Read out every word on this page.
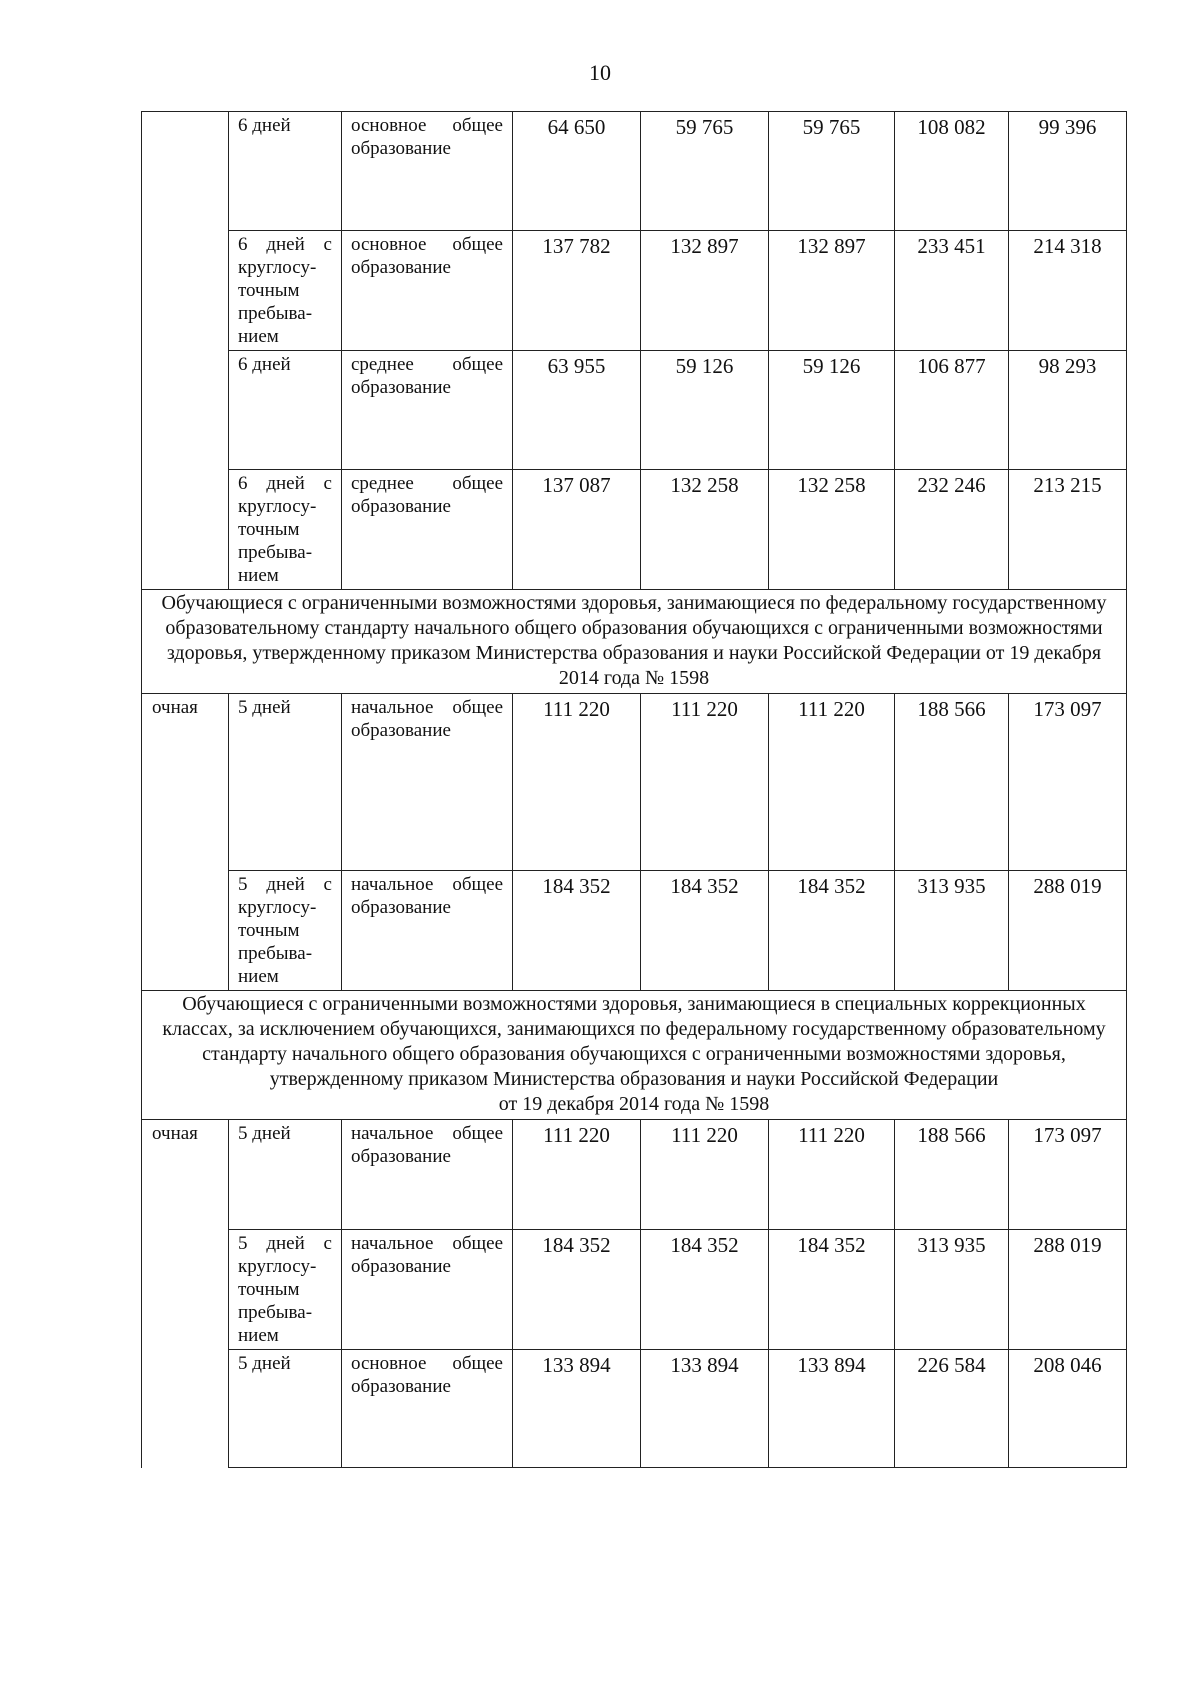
10
	6 дней	основное общее образование	64 650	59 765	59 765	108 082	99 396
	6 дней с круглосу-точным пребыва-нием	основное общее образование	137 782	132 897	132 897	233 451	214 318
	6 дней	среднее общее образование	63 955	59 126	59 126	106 877	98 293
	6 дней с круглосу-точным пребыва-нием	среднее общее образование	137 087	132 258	132 258	232 246	213 215
Обучающиеся с ограниченными возможностями здоровья, занимающиеся по федеральному государственному образовательному стандарту начального общего образования обучающихся с ограниченными возможностями здоровья, утвержденному приказом Министерства образования и науки Российской Федерации от 19 декабря 2014 года № 1598							
очная	5 дней	начальное общее образование	111 220	111 220	111 220	188 566	173 097
	5 дней с круглосу-точным пребыва-нием	начальное общее образование	184 352	184 352	184 352	313 935	288 019
Обучающиеся с ограниченными возможностями здоровья, занимающиеся в специальных коррекционных классах, за исключением обучающихся, занимающихся по федеральному государственному образовательному стандарту начального общего образования обучающихся с ограниченными возможностями здоровья, утвержденному приказом Министерства образования и науки Российской Федерации
от 19 декабря 2014 года № 1598							
очная	5 дней	начальное общее образование	111 220	111 220	111 220	188 566	173 097
	5 дней с круглосу-точным пребыва-нием	начальное общее образование	184 352	184 352	184 352	313 935	288 019
	5 дней	основное общее образование	133 894	133 894	133 894	226 584	208 046
